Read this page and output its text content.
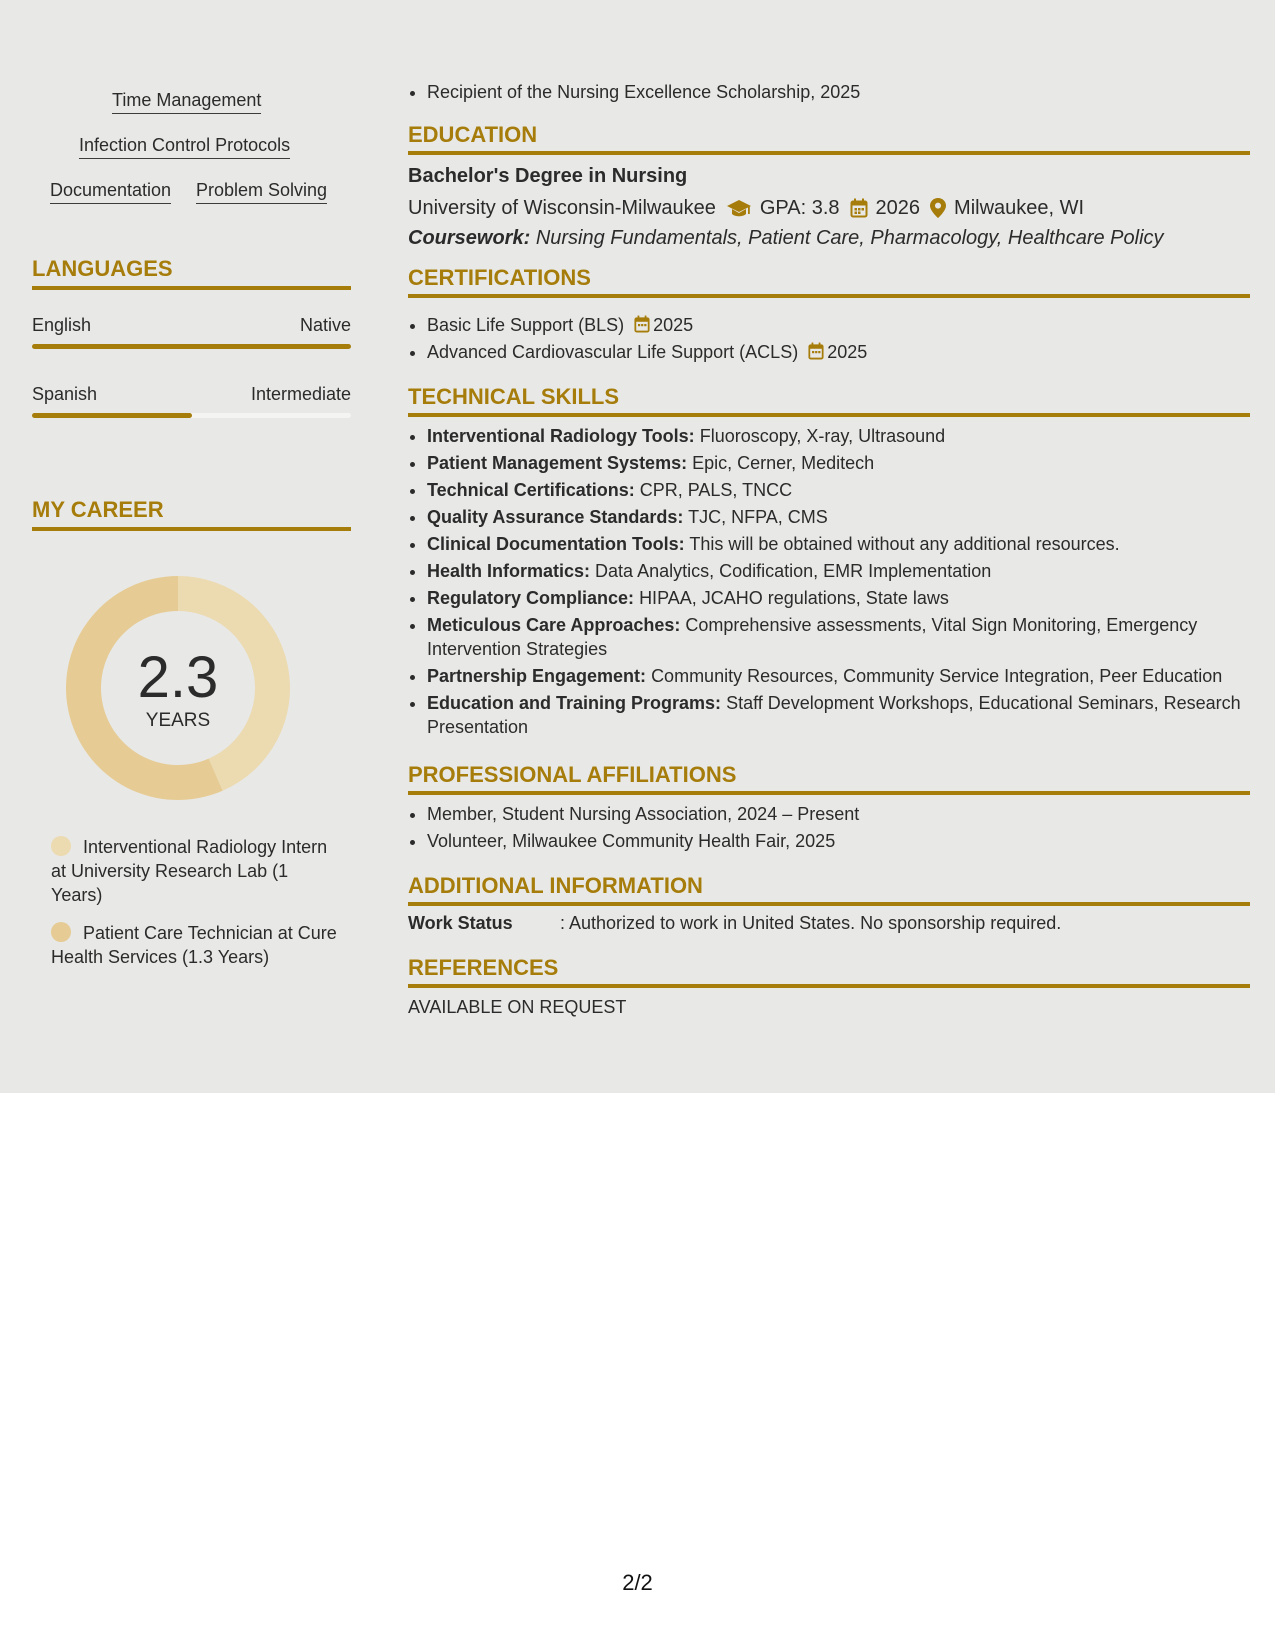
Time Management
Infection Control Protocols
Documentation Problem Solving
LANGUAGES
English	Native
Spanish	Intermediate
MY CAREER
2.3
YEARS
Interventional Radiology Intern at University Research Lab (1 Years)
Patient Care Technician at Cure Health Services (1.3 Years)
• Recipient of the Nursing Excellence Scholarship, 2025
EDUCATION
Bachelor's Degree in Nursing
University of Wisconsin-Milwaukee GPA: 3.8 2026 Milwaukee, WI
Coursework: Nursing Fundamentals, Patient Care, Pharmacology, Healthcare Policy
CERTIFICATIONS
• Basic Life Support (BLS) 2025
• Advanced Cardiovascular Life Support (ACLS) 2025
TECHNICAL SKILLS
• Interventional Radiology Tools: Fluoroscopy, X-ray, Ultrasound
• Patient Management Systems: Epic, Cerner, Meditech
• Technical Certifications: CPR, PALS, TNCC
• Quality Assurance Standards: TJC, NFPA, CMS
• Clinical Documentation Tools: This will be obtained without any additional resources.
• Health Informatics: Data Analytics, Codification, EMR Implementation
• Regulatory Compliance: HIPAA, JCAHO regulations, State laws
• Meticulous Care Approaches: Comprehensive assessments, Vital Sign Monitoring, Emergency Intervention Strategies
• Partnership Engagement: Community Resources, Community Service Integration, Peer Education
• Education and Training Programs: Staff Development Workshops, Educational Seminars, Research Presentation
PROFESSIONAL AFFILIATIONS
• Member, Student Nursing Association, 2024 – Present
• Volunteer, Milwaukee Community Health Fair, 2025
ADDITIONAL INFORMATION
Work Status	: Authorized to work in United States. No sponsorship required.
REFERENCES
AVAILABLE ON REQUEST
2/2
